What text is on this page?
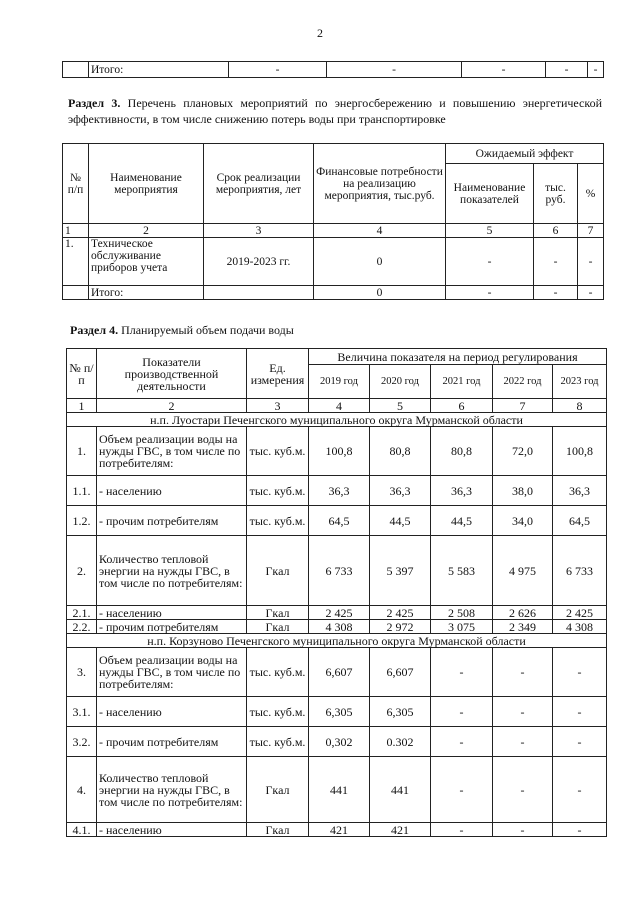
2
	Итого:	-	-	-	-	-
Раздел 3. Перечень плановых мероприятий по энергосбережению и повышению энергетической эффективности, в том числе снижению потерь воды при транспортировке
№ п/п	Наименование мероприятия	Срок реализации мероприятия, лет	Финансовые потребности на реализацию мероприятия, тыс.руб.	Ожидаемый эффект		
				Наименование показателей	тыс. руб.	%
1	2	3	4	5	6	7
1.	Техническое обслуживание приборов учета	2019-2023 гг.	0	-	-	-
	Итого:		0	-	-	-
Раздел 4. Планируемый объем подачи воды
№ п/п	Показатели производственной деятельности	Ед. измерения	Величина показателя на период регулирования				
			2019 год	2020 год	2021 год	2022 год	2023 год
1	2	3	4	5	6	7	8
н.п. Луостари Печенгского муниципального округа Мурманской области							
1.	Объем реализации воды на нужды ГВС, в том числе по потребителям:	тыс. куб.м.	100,8	80,8	80,8	72,0	100,8
1.1.	- населению	тыс. куб.м.	36,3	36,3	36,3	38,0	36,3
1.2.	- прочим потребителям	тыс. куб.м.	64,5	44,5	44,5	34,0	64,5
2.	Количество тепловой энергии на нужды ГВС, в том числе по потребителям:	Гкал	6 733	5 397	5 583	4 975	6 733
2.1.	- населению	Гкал	2 425	2 425	2 508	2 626	2 425
2.2.	- прочим потребителям	Гкал	4 308	2 972	3 075	2 349	4 308
н.п. Корзуново Печенгского муниципального округа Мурманской области							
3.	Объем реализации воды на нужды ГВС, в том числе по потребителям:	тыс. куб.м.	6,607	6,607	-	-	-
3.1.	- населению	тыс. куб.м.	6,305	6,305	-	-	-
3.2.	- прочим потребителям	тыс. куб.м.	0,302	0.302	-	-	-
4.	Количество тепловой энергии на нужды ГВС, в том числе по потребителям:	Гкал	441	441	-	-	-
4.1.	- населению	Гкал	421	421	-	-	-
